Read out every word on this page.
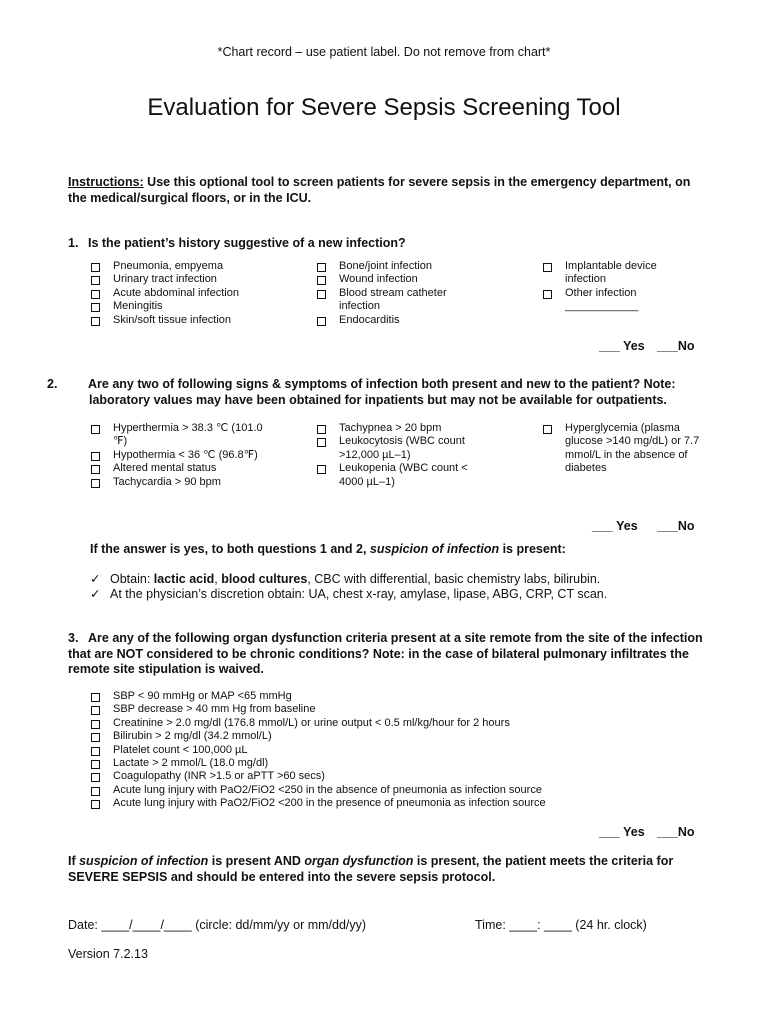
*Chart record – use patient label. Do not remove from chart*
Evaluation for Severe Sepsis Screening Tool
Instructions: Use this optional tool to screen patients for severe sepsis in the emergency department, on the medical/surgical floors, or in the ICU.
1. Is the patient’s history suggestive of a new infection?
Pneumonia, empyema
Urinary tract infection
Acute abdominal infection
Meningitis
Skin/soft tissue infection
Bone/joint infection
Wound infection
Blood stream catheter infection
Endocarditis
Implantable device infection
Other infection ____________
___ Yes ___No
2. Are any two of following signs & symptoms of infection both present and new to the patient? Note: laboratory values may have been obtained for inpatients but may not be available for outpatients.
Hyperthermia > 38.3 ℃ (101.0 ℉)
Hypothermia < 36 ℃ (96.8℉)
Altered mental status
Tachycardia > 90 bpm
Tachypnea > 20 bpm
Leukocytosis (WBC count >12,000 µL–1)
Leukopenia (WBC count < 4000 µL–1)
Hyperglycemia (plasma glucose >140 mg/dL) or 7.7 mmol/L in the absence of diabetes
___ Yes ___No
If the answer is yes, to both questions 1 and 2, suspicion of infection is present:
✓ Obtain: lactic acid, blood cultures, CBC with differential, basic chemistry labs, bilirubin.
✓ At the physician’s discretion obtain: UA, chest x-ray, amylase, lipase, ABG, CRP, CT scan.
3. Are any of the following organ dysfunction criteria present at a site remote from the site of the infection that are NOT considered to be chronic conditions? Note: in the case of bilateral pulmonary infiltrates the remote site stipulation is waived.
SBP < 90 mmHg or MAP <65 mmHg
SBP decrease > 40 mm Hg from baseline
Creatinine > 2.0 mg/dl (176.8 mmol/L) or urine output < 0.5 ml/kg/hour for 2 hours
Bilirubin > 2 mg/dl (34.2 mmol/L)
Platelet count < 100,000 µL
Lactate > 2 mmol/L (18.0 mg/dl)
Coagulopathy (INR >1.5 or aPTT >60 secs)
Acute lung injury with PaO2/FiO2 <250 in the absence of pneumonia as infection source
Acute lung injury with PaO2/FiO2 <200 in the presence of pneumonia as infection source
___ Yes ___No
If suspicion of infection is present AND organ dysfunction is present, the patient meets the criteria for SEVERE SEPSIS and should be entered into the severe sepsis protocol.
Date: ____/____/____ (circle: dd/mm/yy or mm/dd/yy)	Time: ____: ____ (24 hr. clock)
Version 7.2.13
